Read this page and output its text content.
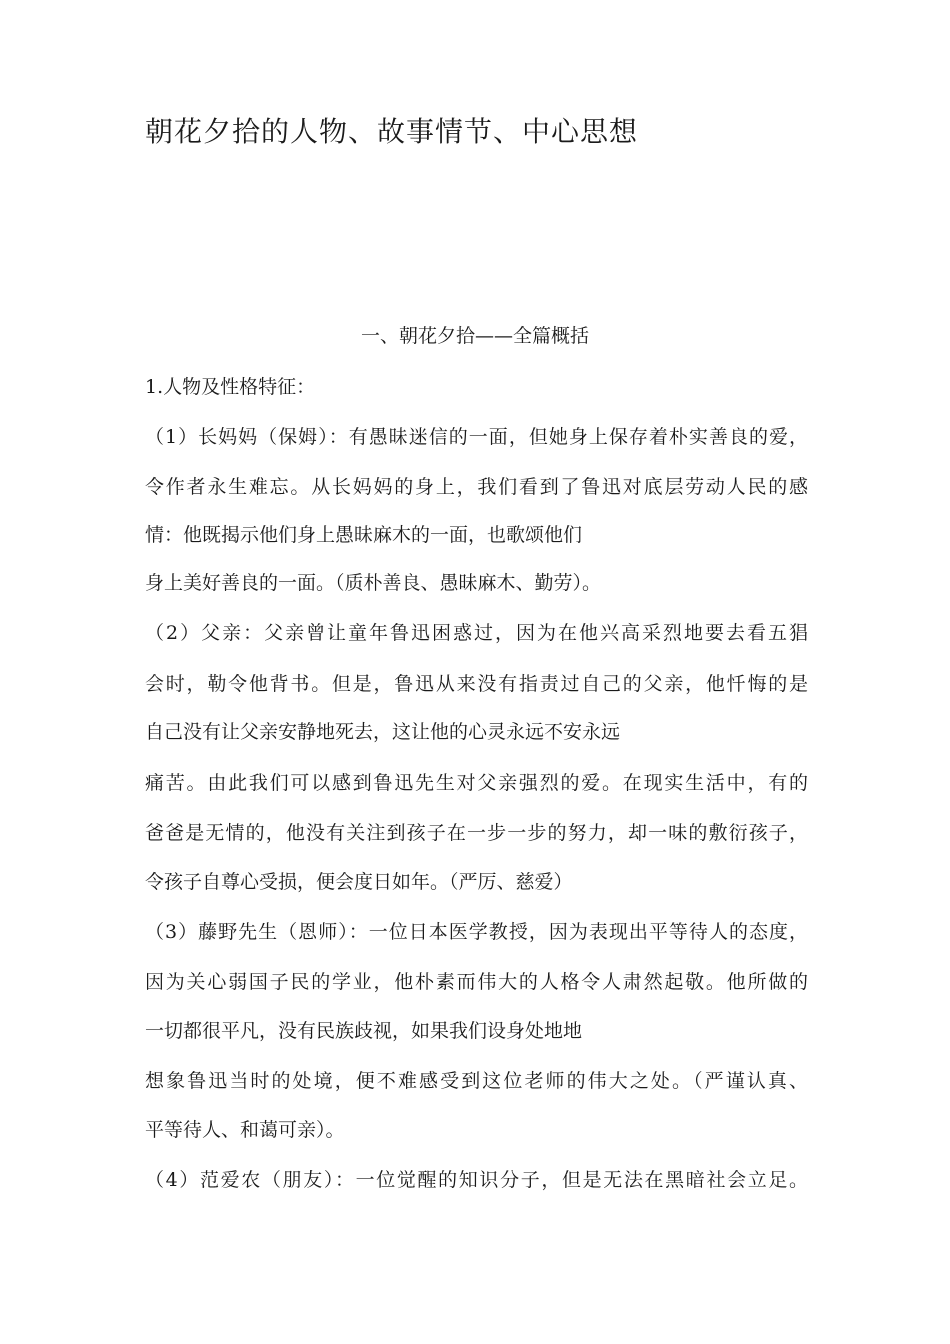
朝花夕拾的人物、故事情节、中心思想
一、朝花夕拾——全篇概括
1.人物及性格特征：
（1）长妈妈（保姆）：有愚昧迷信的一面，但她身上保存着朴实善良的爱，
令作者永生难忘。从长妈妈的身上，我们看到了鲁迅对底层劳动人民的感
情：他既揭示他们身上愚昧麻木的一面，也歌颂他们
身上美好善良的一面。（质朴善良、愚昧麻木、勤劳）。
（2）父亲：父亲曾让童年鲁迅困惑过，因为在他兴高采烈地要去看五猖
会时，勒令他背书。但是，鲁迅从来没有指责过自己的父亲，他忏悔的是
自己没有让父亲安静地死去，这让他的心灵永远不安永远
痛苦。由此我们可以感到鲁迅先生对父亲强烈的爱。在现实生活中，有的
爸爸是无情的，他没有关注到孩子在一步一步的努力，却一味的敷衍孩子，
令孩子自尊心受损，便会度日如年。（严厉、慈爱）
（3）藤野先生（恩师）：一位日本医学教授，因为表现出平等待人的态度，
因为关心弱国子民的学业，他朴素而伟大的人格令人肃然起敬。他所做的
一切都很平凡，没有民族歧视，如果我们设身处地地
想象鲁迅当时的处境，便不难感受到这位老师的伟大之处。（严谨认真、
平等待人、和蔼可亲）。
（4）范爱农（朋友）：一位觉醒的知识分子，但是无法在黑暗社会立足。
